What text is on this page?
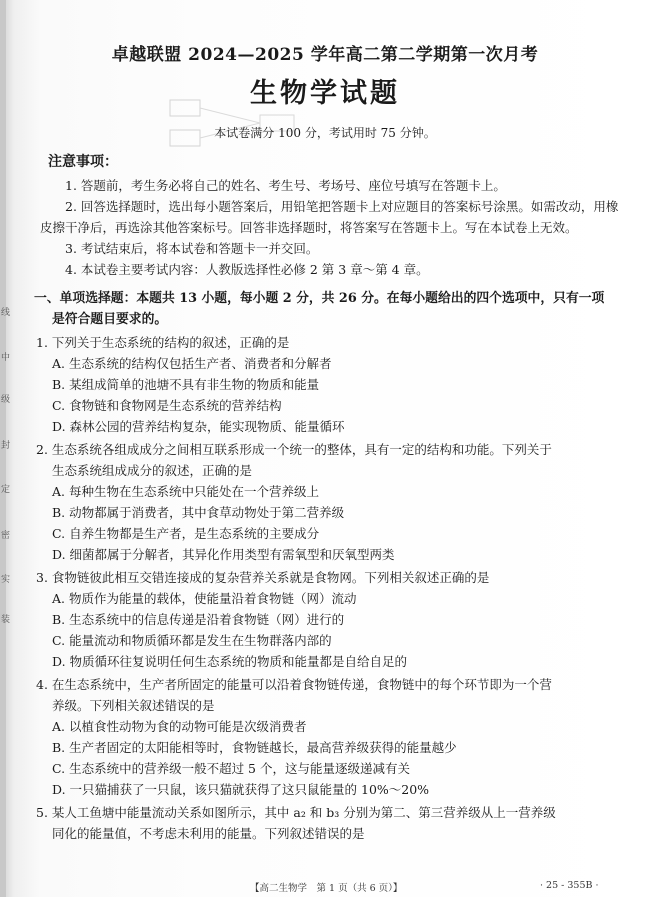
线
中
级
封
定
密
实
装
卓越联盟 2024—2025 学年高二第二学期第一次月考
生物学试题
本试卷满分 100 分，考试用时 75 分钟。
注意事项：

1. 答题前，考生务必将自己的姓名、考生号、考场号、座位号填写在答题卡上。

2. 回答选择题时，选出每小题答案后，用铅笔把答题卡上对应题目的答案标号涂黑。如需改动，用橡皮擦干净后，再选涂其他答案标号。回答非选择题时，将答案写在答题卡上。写在本试卷上无效。

3. 考试结束后，将本试卷和答题卡一并交回。

4. 本试卷主要考试内容：人教版选择性必修 2 第 3 章～第 4 章。

一、单项选择题：本题共 13 小题，每小题 2 分，共 26 分。在每小题给出的四个选项中，只有一项
是符合题目要求的。

1. 下列关于生态系统的结构的叙述，正确的是

A. 生态系统的结构仅包括生产者、消费者和分解者

B. 某组成简单的池塘不具有非生物的物质和能量

C. 食物链和食物网是生态系统的营养结构

D. 森林公园的营养结构复杂，能实现物质、能量循环

2. 生态系统各组成成分之间相互联系形成一个统一的整体，具有一定的结构和功能。下列关于

生态系统组成成分的叙述，正确的是

A. 每种生物在生态系统中只能处在一个营养级上

B. 动物都属于消费者，其中食草动物处于第二营养级

C. 自养生物都是生产者，是生态系统的主要成分

D. 细菌都属于分解者，其异化作用类型有需氧型和厌氧型两类

3. 食物链彼此相互交错连接成的复杂营养关系就是食物网。下列相关叙述正确的是

A. 物质作为能量的载体，使能量沿着食物链（网）流动

B. 生态系统中的信息传递是沿着食物链（网）进行的

C. 能量流动和物质循环都是发生在生物群落内部的

D. 物质循环往复说明任何生态系统的物质和能量都是自给自足的

4. 在生态系统中，生产者所固定的能量可以沿着食物链传递，食物链中的每个环节即为一个营

养级。下列相关叙述错误的是

A. 以植食性动物为食的动物可能是次级消费者

B. 生产者固定的太阳能相等时，食物链越长，最高营养级获得的能量越少

C. 生态系统中的营养级一般不超过 5 个，这与能量逐级递减有关

D. 一只猫捕获了一只鼠，该只猫就获得了这只鼠能量的 10%～20%

5. 某人工鱼塘中能量流动关系如图所示，其中 a₂ 和 b₃ 分别为第二、第三营养级从上一营养级

同化的能量值，不考虑未利用的能量。下列叙述错误的是

【高二生物学　第 1 页（共 6 页）】	· 25 - 355B ·
